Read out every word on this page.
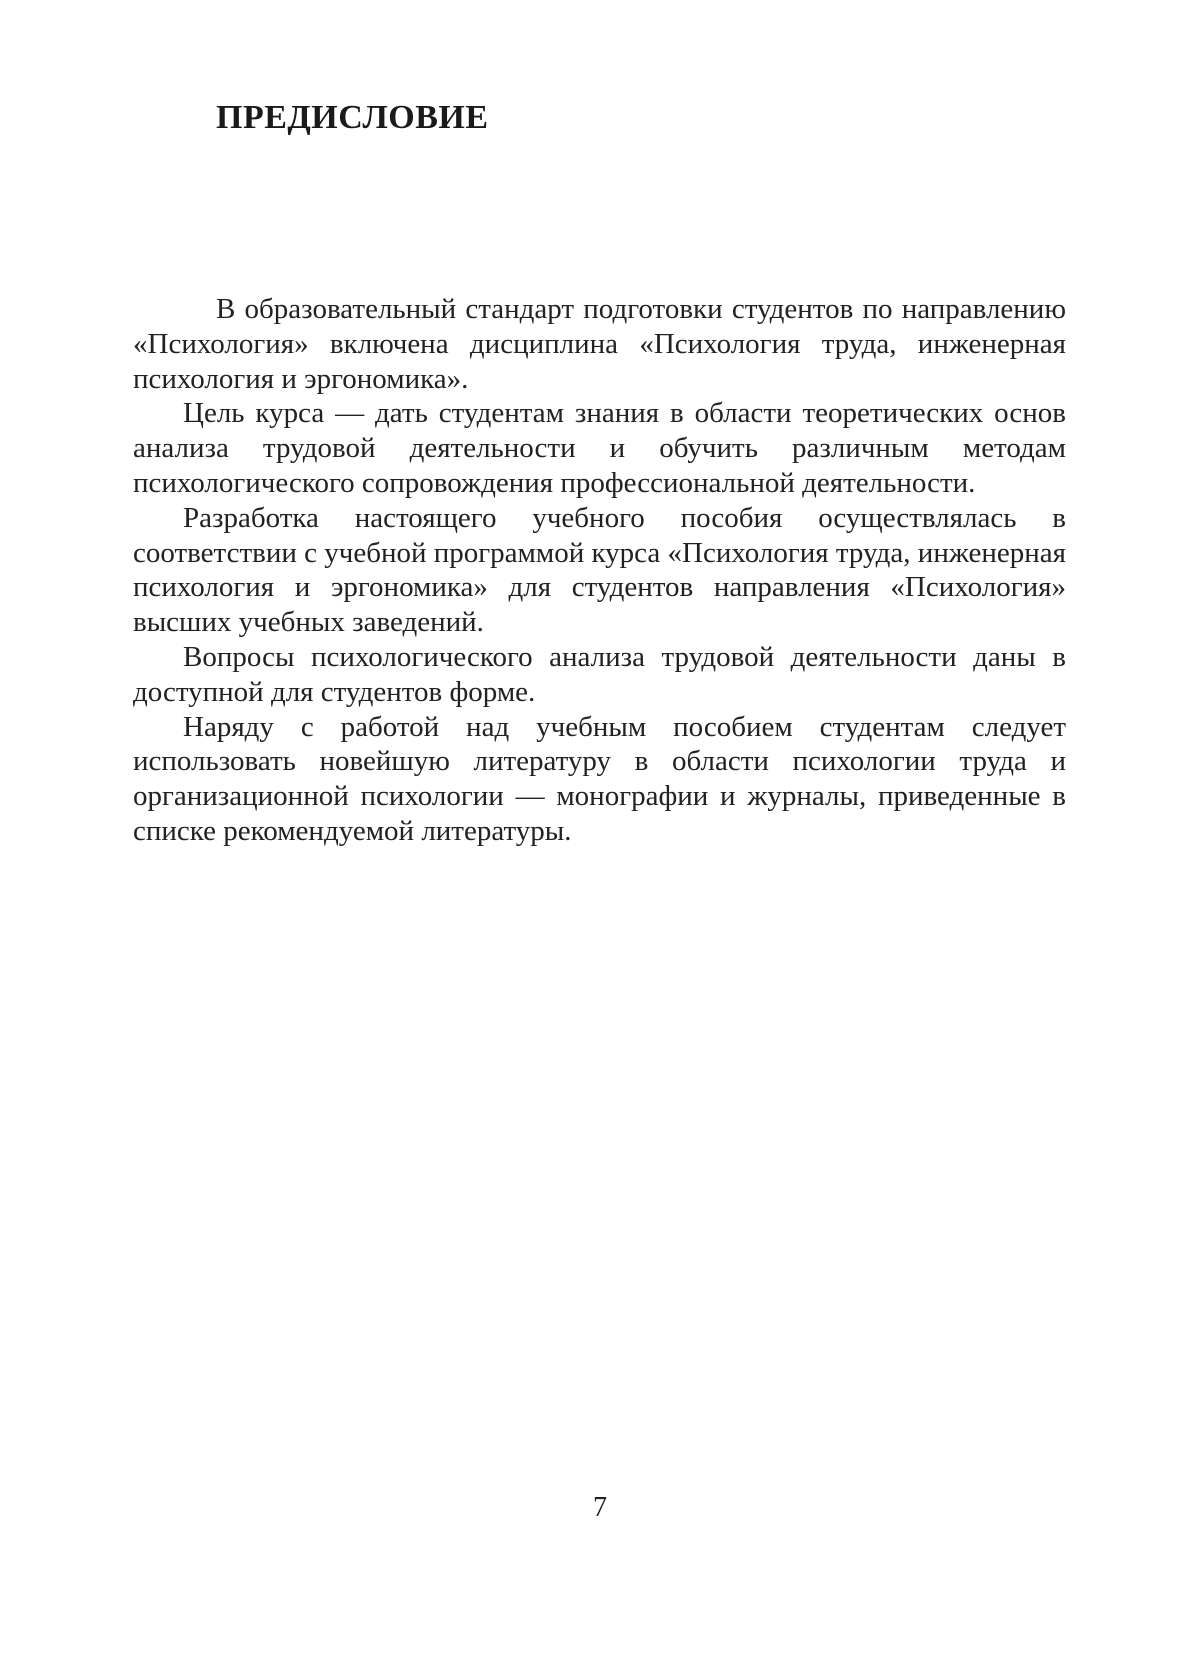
ПРЕДИСЛОВИЕ

В образовательный стандарт подготовки студентов по направлению «Психология» включена дисциплина «Психология труда, инженерная психология и эргономика».

Цель курса — дать студентам знания в области теоретических основ анализа трудовой деятельности и обучить различным методам психологического сопровождения профессиональной деятельности.

Разработка настоящего учебного пособия осуществлялась в соответствии с учебной программой курса «Психология труда, инженерная психология и эргономика» для студентов направления «Психология» высших учебных заведений.

Вопросы психологического анализа трудовой деятельности даны в доступной для студентов форме.

Наряду с работой над учебным пособием студентам следует использовать новейшую литературу в области психологии труда и организационной психологии — монографии и журналы, приведенные в списке рекомендуемой литературы.

7
